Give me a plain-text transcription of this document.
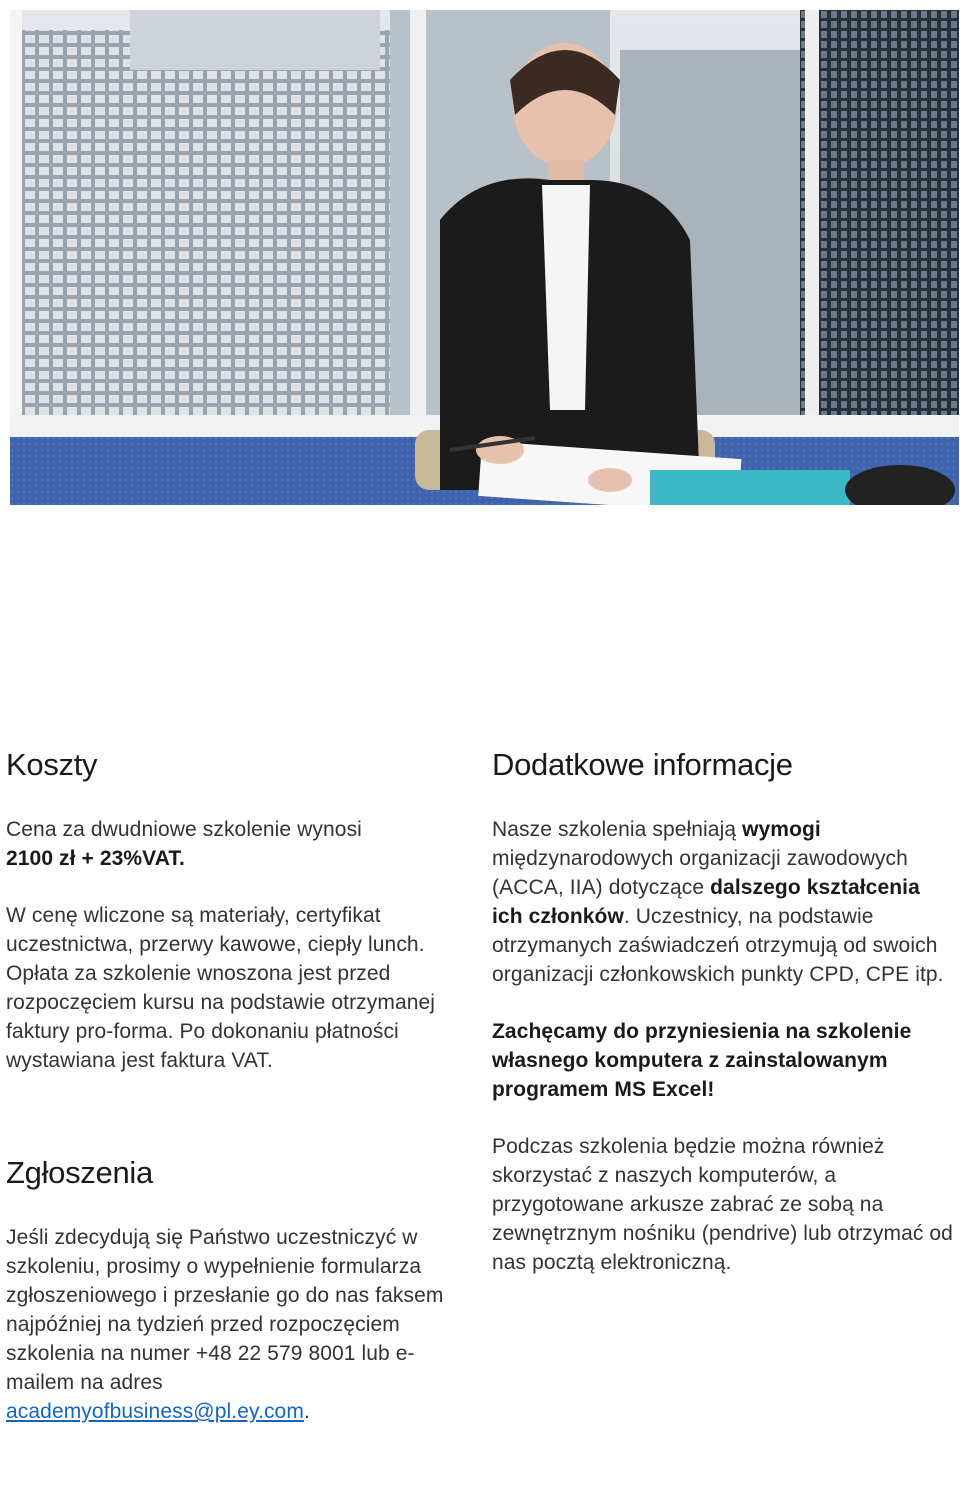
Koszty

Cena za dwudniowe szkolenie wynosi
2100 zł + 23%VAT.

W cenę wliczone są materiały, certyfikat uczestnictwa, przerwy kawowe, ciepły lunch. Opłata za szkolenie wnoszona jest przed rozpoczęciem kursu na podstawie otrzymanej faktury pro-forma. Po dokonaniu płatności wystawiana jest faktura VAT.

Zgłoszenia

Jeśli zdecydują się Państwo uczestniczyć w szkoleniu, prosimy o wypełnienie formularza zgłoszeniowego i przesłanie go do nas faksem najpóźniej na tydzień przed rozpoczęciem szkolenia na numer +48 22 579 8001 lub e-mailem na adres academyofbusiness@pl.ey.com.

Dodatkowe informacje

Nasze szkolenia spełniają wymogi międzynarodowych organizacji zawodowych (ACCA, IIA) dotyczące dalszego kształcenia ich członków. Uczestnicy, na podstawie otrzymanych zaświadczeń otrzymują od swoich organizacji członkowskich punkty CPD, CPE itp.

Zachęcamy do przyniesienia na szkolenie własnego komputera z zainstalowanym programem MS Excel!

Podczas szkolenia będzie można również skorzystać z naszych komputerów, a przygotowane arkusze zabrać ze sobą na zewnętrznym nośniku (pendrive) lub otrzymać od nas pocztą elektroniczną.
